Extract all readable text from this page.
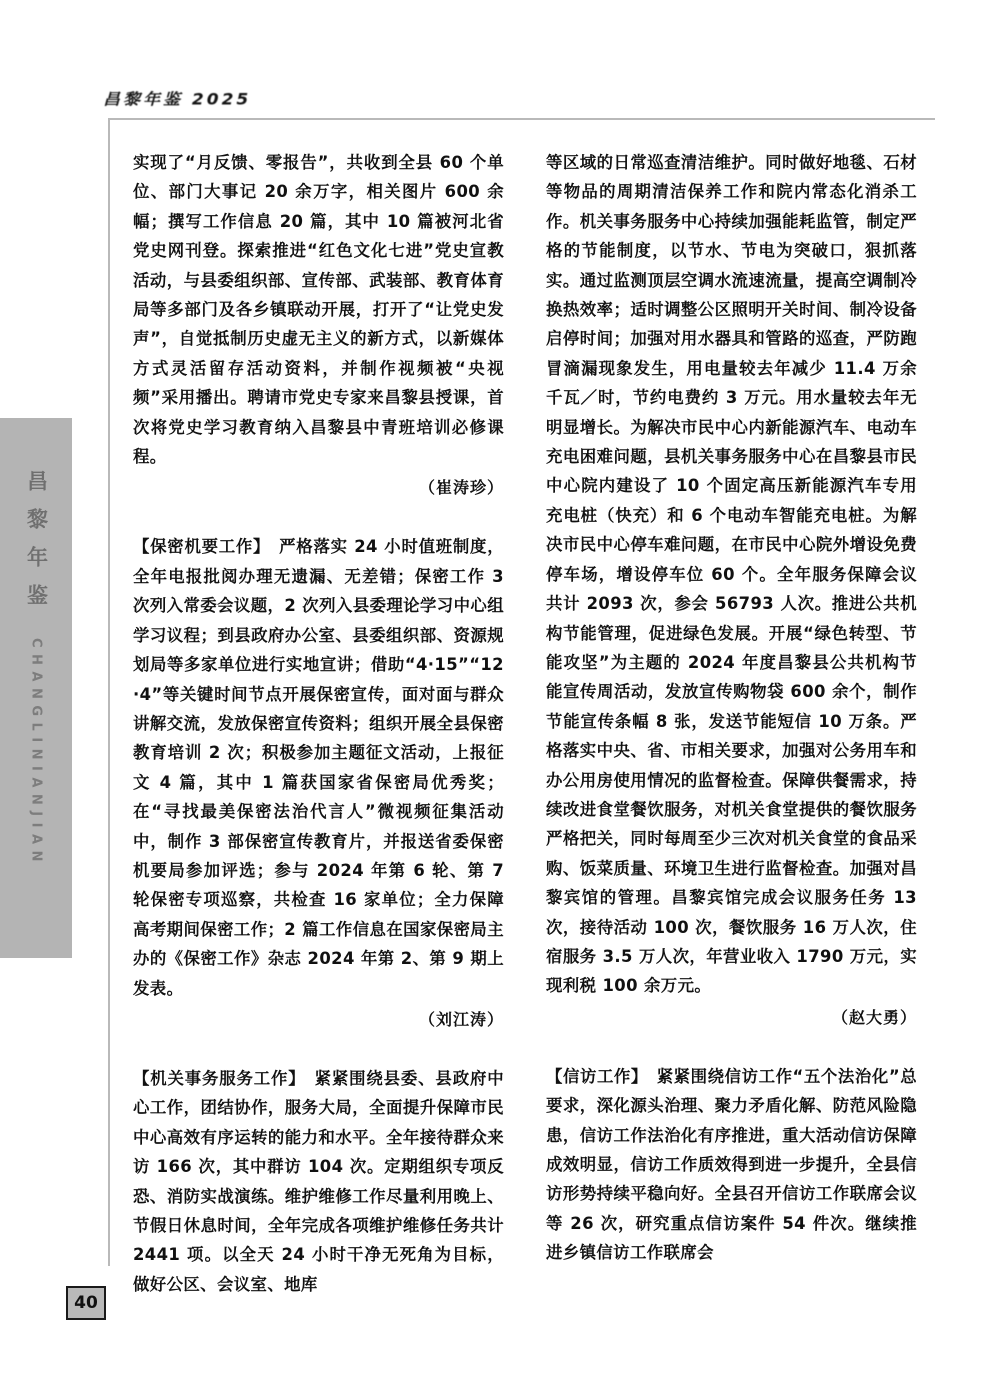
昌黎年鉴
CHANGLINIANJIAN
昌黎年鉴 2025

实现了“月反馈、零报告”，共收到全县 60 个单位、部门大事记 20 余万字，相关图片 600 余幅；撰写工作信息 20 篇，其中 10 篇被河北省党史网刊登。探索推进“红色文化七进”党史宣教活动，与县委组织部、宣传部、武装部、教育体育局等多部门及各乡镇联动开展，打开了“让党史发声”，自觉抵制历史虚无主义的新方式，以新媒体方式灵活留存活动资料，并制作视频被“央视频”采用播出。聘请市党史专家来昌黎县授课，首次将党史学习教育纳入昌黎县中青班培训必修课程。

（崔涛珍）

【保密机要工作】　 严格落实 24 小时值班制度，全年电报批阅办理无遗漏、无差错；保密工作 3 次列入常委会议题，2 次列入县委理论学习中心组学习议程；到县政府办公室、县委组织部、资源规划局等多家单位进行实地宣讲；借助“4·15”“12·4”等关键时间节点开展保密宣传，面对面与群众讲解交流，发放保密宣传资料；组织开展全县保密教育培训 2 次；积极参加主题征文活动，上报征文 4 篇，其中 1 篇获国家省保密局优秀奖；在“寻找最美保密法治代言人”微视频征集活动中，制作 3 部保密宣传教育片，并报送省委保密机要局参加评选；参与 2024 年第 6 轮、第 7 轮保密专项巡察，共检查 16 家单位；全力保障高考期间保密工作；2 篇工作信息在国家保密局主办的《保密工作》杂志 2024 年第 2、第 9 期上发表。

（刘江涛）

【机关事务服务工作】　 紧紧围绕县委、县政府中心工作，团结协作，服务大局，全面提升保障市民中心高效有序运转的能力和水平。全年接待群众来访 166 次，其中群访 104 次。定期组织专项反恐、消防实战演练。维护维修工作尽量利用晚上、节假日休息时间，全年完成各项维护维修任务共计 2441 项。以全天 24 小时干净无死角为目标，做好公区、会议室、地库

等区域的日常巡查清洁维护。同时做好地毯、石材等物品的周期清洁保养工作和院内常态化消杀工作。机关事务服务中心持续加强能耗监管，制定严格的节能制度，以节水、节电为突破口，狠抓落实。通过监测顶层空调水流速流量，提高空调制冷换热效率；适时调整公区照明开关时间、制冷设备启停时间；加强对用水器具和管路的巡查，严防跑冒滴漏现象发生，用电量较去年减少 11.4 万余千瓦／时，节约电费约 3 万元。用水量较去年无明显增长。为解决市民中心内新能源汽车、电动车充电困难问题，县机关事务服务中心在昌黎县市民中心院内建设了 10 个固定高压新能源汽车专用充电桩（快充）和 6 个电动车智能充电桩。为解决市民中心停车难问题，在市民中心院外增设免费停车场，增设停车位 60 个。全年服务保障会议共计 2093 次，参会 56793 人次。推进公共机构节能管理，促进绿色发展。开展“绿色转型、节能攻坚”为主题的 2024 年度昌黎县公共机构节能宣传周活动，发放宣传购物袋 600 余个，制作节能宣传条幅 8 张，发送节能短信 10 万条。严格落实中央、省、市相关要求，加强对公务用车和办公用房使用情况的监督检查。保障供餐需求，持续改进食堂餐饮服务，对机关食堂提供的餐饮服务严格把关，同时每周至少三次对机关食堂的食品采购、饭菜质量、环境卫生进行监督检查。加强对昌黎宾馆的管理。昌黎宾馆完成会议服务任务 13 次，接待活动 100 次，餐饮服务 16 万人次，住宿服务 3.5 万人次，年营业收入 1790 万元，实现利税 100 余万元。

（赵大勇）

【信访工作】　 紧紧围绕信访工作“五个法治化”总要求，深化源头治理、聚力矛盾化解、防范风险隐患，信访工作法治化有序推进，重大活动信访保障成效明显，信访工作质效得到进一步提升，全县信访形势持续平稳向好。全县召开信访工作联席会议等 26 次，研究重点信访案件 54 件次。继续推进乡镇信访工作联席会

40
